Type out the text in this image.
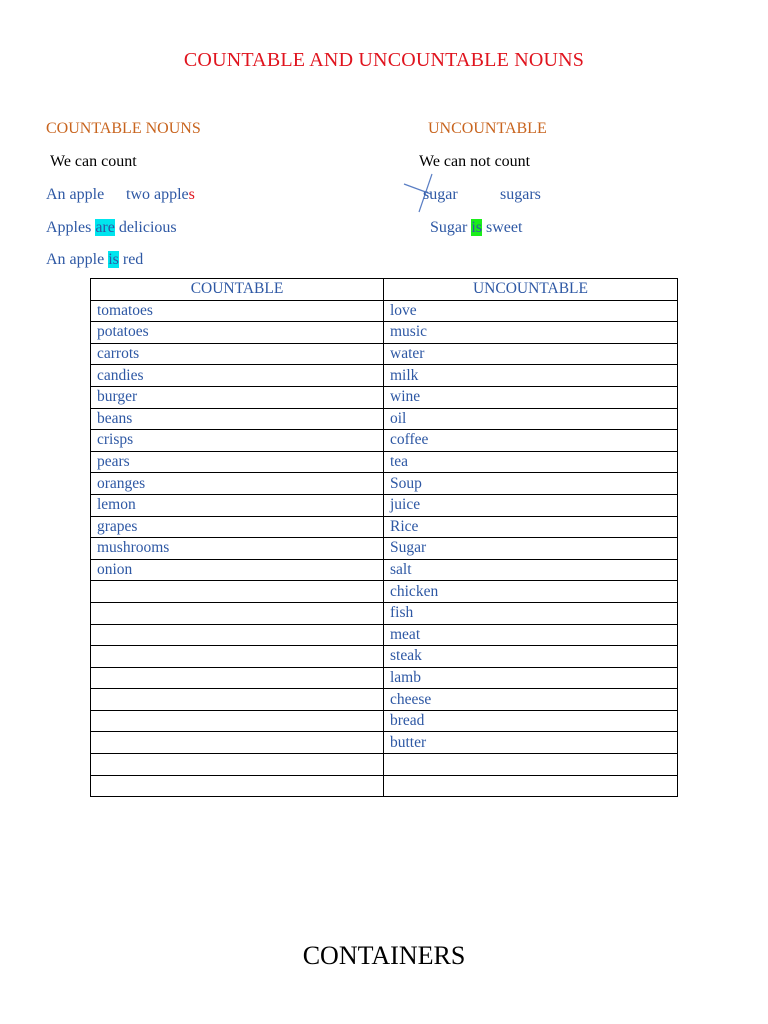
COUNTABLE AND UNCOUNTABLE NOUNS
COUNTABLE NOUNS
We can count
An apple two apples
Apples are delicious
An apple is red
UNCOUNTABLE
We can not count
sugar	sugars
Sugar is sweet
COUNTABLE	UNCOUNTABLE
tomatoes	love
potatoes	music
carrots	water
candies	milk
burger	wine
beans	oil
crisps	coffee
pears	tea
oranges	Soup
lemon	juice
grapes	Rice
mushrooms	Sugar
onion	salt
	chicken
	fish
	meat
	steak
	lamb
	cheese
	bread
	butter

CONTAINERS
